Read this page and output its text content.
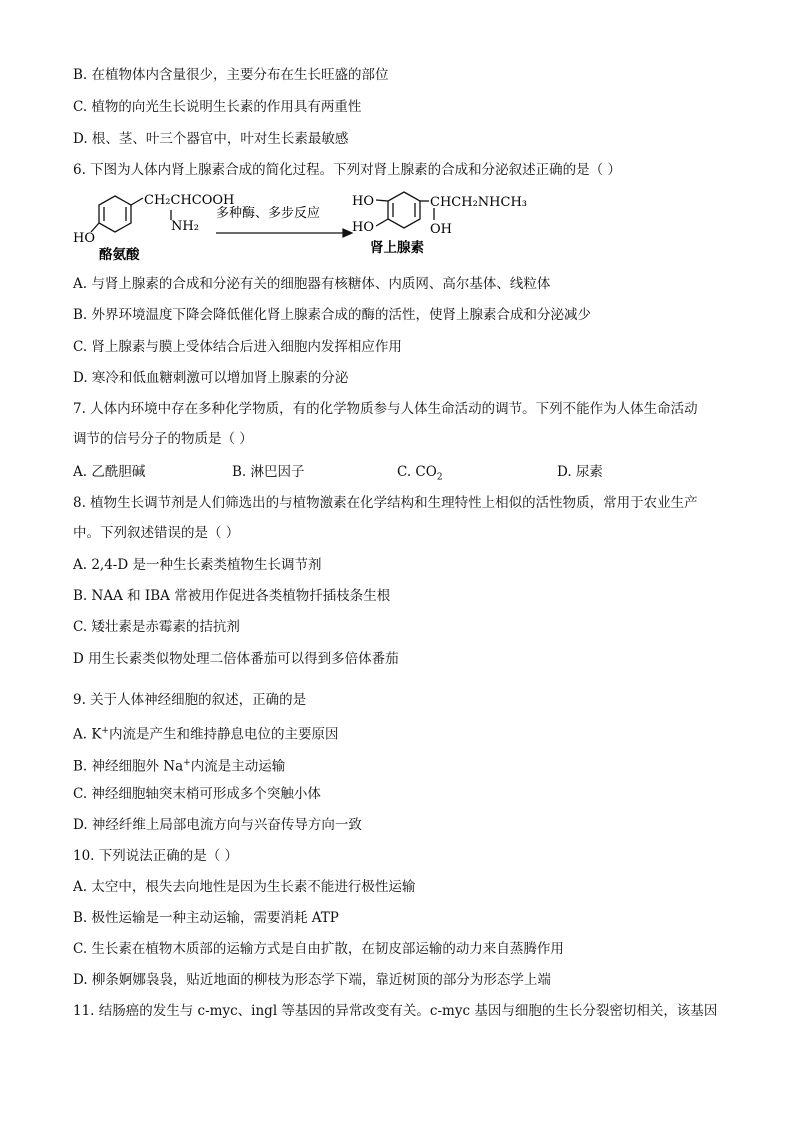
B. 在植物体内含量很少，主要分布在生长旺盛的部位
C. 植物的向光生长说明生长素的作用具有两重性
D. 根、茎、叶三个器官中，叶对生长素最敏感
6. 下图为人体内肾上腺素合成的简化过程。下列对肾上腺素的合成和分泌叙述正确的是（ ）
CH₂CHCOOH
NH₂
HO
酪氨酸
多种酶、多步反应
HO
HO
CHCH₂NHCH₃
OH
肾上腺素
A. 与肾上腺素的合成和分泌有关的细胞器有核糖体、内质网、高尔基体、线粒体
B. 外界环境温度下降会降低催化肾上腺素合成的酶的活性，使肾上腺素合成和分泌减少
C. 肾上腺素与膜上受体结合后进入细胞内发挥相应作用
D. 寒冷和低血糖刺激可以增加肾上腺素的分泌
7. 人体内环境中存在多种化学物质，有的化学物质参与人体生命活动的调节。下列不能作为人体生命活动
调节的信号分子的物质是（ ）
A. 乙酰胆碱	B. 淋巴因子	C. $CO_2$	D. 尿素
8. 植物生长调节剂是人们筛选出的与植物激素在化学结构和生理特性上相似的活性物质，常用于农业生产
中。下列叙述错误的是（ ）
A. 2,4-D 是一种生长素类植物生长调节剂
B. NAA 和 IBA 常被用作促进各类植物扦插枝条生根
C. 矮壮素是赤霉素的拮抗剂
D 用生长素类似物处理二倍体番茄可以得到多倍体番茄
9. 关于人体神经细胞的叙述，正确的是
A. K+内流是产生和维持静息电位的主要原因
B. 神经细胞外 Na+内流是主动运输
C. 神经细胞轴突末梢可形成多个突触小体
D. 神经纤维上局部电流方向与兴奋传导方向一致
10. 下列说法正确的是（ ）
A. 太空中，根失去向地性是因为生长素不能进行极性运输
B. 极性运输是一种主动运输，需要消耗 ATP
C. 生长素在植物木质部的运输方式是自由扩散，在韧皮部运输的动力来自蒸腾作用
D. 柳条婀娜袅袅，贴近地面的柳枝为形态学下端，靠近树顶的部分为形态学上端
11. 结肠癌的发生与 c-myc、ingl 等基因的异常改变有关。c-myc 基因与细胞的生长分裂密切相关，该基因
